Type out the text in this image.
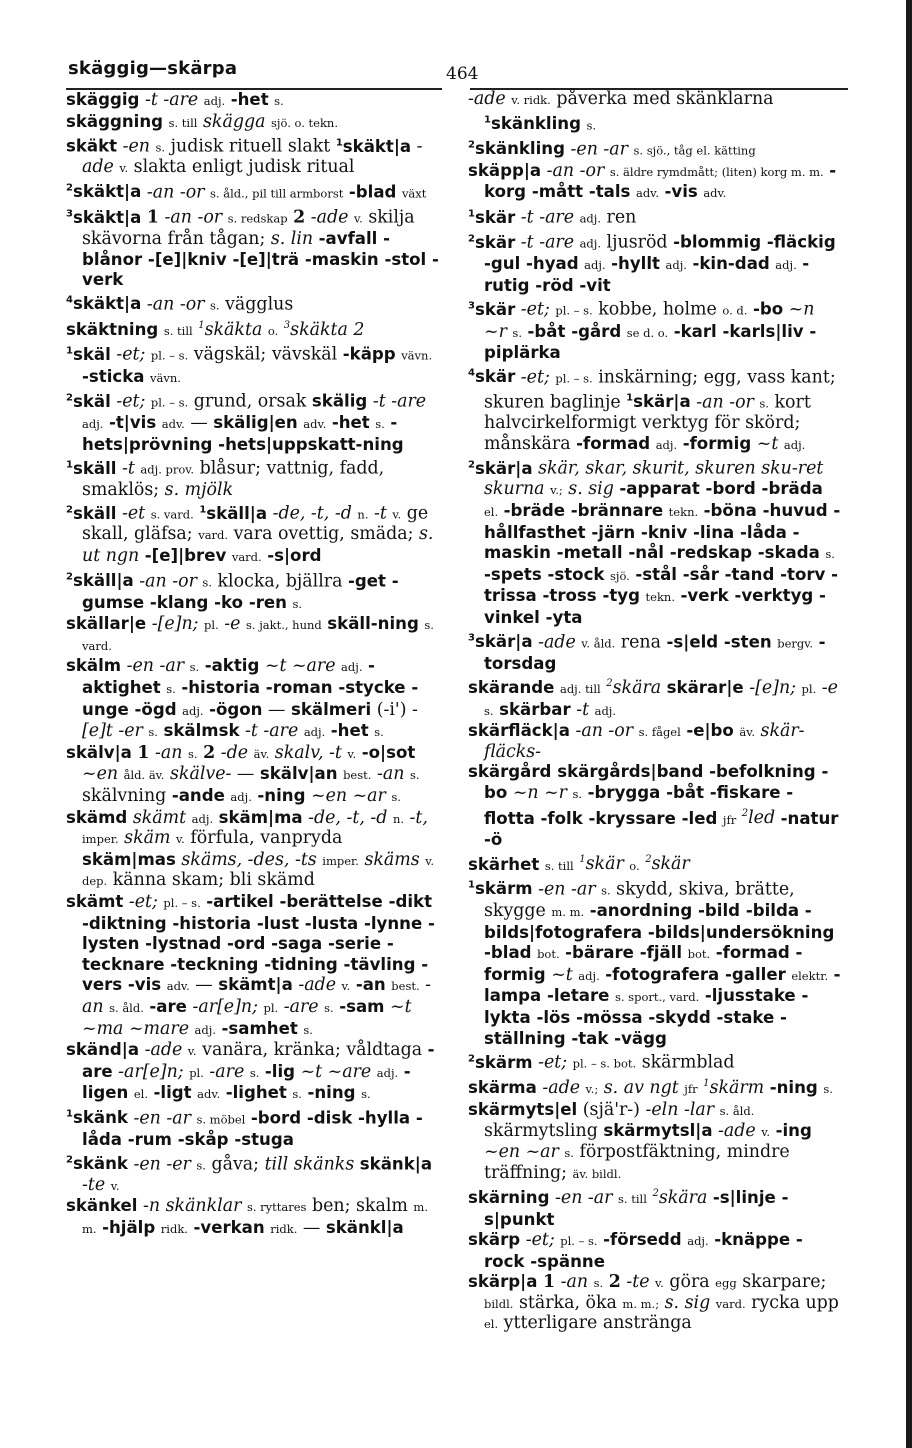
skäggig—skärpa	464

skäggig -t -are adj. -het s.

skäggning s. till skägga sjö. o. tekn.

skäkt -en s. judisk rituell slakt $^1$skäkt|a -ade v. slakta enligt judisk ritual

$^2$skäkt|a -an -or s. åld., pil till armborst -blad växt

$^3$skäkt|a 1 -an -or s. redskap 2 -ade v. skilja skävorna från tågan; s. lin -avfall -blånor -[e]|kniv -[e]|trä -maskin -stol -verk

$^4$skäkt|a -an -or s. vägglus

skäktning s. till $^1$skäkta o. $^3$skäkta 2

$^1$skäl -et; pl. – s. vägskäl; vävskäl -käpp vävn. -sticka vävn.

$^2$skäl -et; pl. – s. grund, orsak skälig -t -are adj. -t|vis adv. — skälig|en adv. -het s. -hets|prövning -hets|uppskatt-ning

$^1$skäll -t adj. prov. blåsur; vattnig, fadd, smaklös; s. mjölk

$^2$skäll -et s. vard. $^1$skäll|a -de, -t, -d n. -t v. ge skall, gläfsa; vard. vara ovettig, smäda; s. ut ngn -[e]|brev vard. -s|ord

$^2$skäll|a -an -or s. klocka, bjällra -get -gumse -klang -ko -ren s.

skällar|e -[e]n; pl. -e s. jakt., hund skäll-ning s. vard.

skälm -en -ar s. -aktig ~t ~are adj. -aktighet s. -historia -roman -stycke -unge -ögd adj. -ögon — skälmeri (-i') -[e]t -er s. skälmsk -t -are adj. -het s.

skälv|a 1 -an s. 2 -de äv. skalv, -t v. -o|sot ~en åld. äv. skälve- — skälv|an best. -an s. skälvning -ande adj. -ning ~en ~ar s.

skämd skämt adj. skäm|ma -de, -t, -d n. -t, imper. skäm v. förfula, vanpryda skäm|mas skäms, -des, -ts imper. skäms v. dep. känna skam; bli skämd

skämt -et; pl. – s. -artikel -berättelse -dikt -diktning -historia -lust -lusta -lynne -lysten -lystnad -ord -saga -serie -tecknare -teckning -tidning -tävling -vers -vis adv. — skämt|a -ade v. -an best. -an s. åld. -are -ar[e]n; pl. -are s. -sam ~t ~ma ~mare adj. -samhet s.

skänd|a -ade v. vanära, kränka; våldtaga -are -ar[e]n; pl. -are s. -lig ~t ~are adj. -ligen el. -ligt adv. -lighet s. -ning s.

$^1$skänk -en -ar s. möbel -bord -disk -hylla -låda -rum -skåp -stuga

$^2$skänk -en -er s. gåva; till skänks skänk|a -te v.

skänkel -n skänklar s. ryttares ben; skalm m. m. -hjälp ridk. -verkan ridk. — skänkl|a

-ade v. ridk. påverka med skänklarna $^1$skänkling s.

$^2$skänkling -en -ar s. sjö., tåg el. kätting

skäpp|a -an -or s. äldre rymdmått; (liten) korg m. m. -korg -mått -tals adv. -vis adv.

$^1$skär -t -are adj. ren

$^2$skär -t -are adj. ljusröd -blommig -fläckig -gul -hyad adj. -hyllt adj. -kin-dad adj. -rutig -röd -vit

$^3$skär -et; pl. – s. kobbe, holme o. d. -bo ~n ~r s. -båt -gård se d. o. -karl -karls|liv -piplärka

$^4$skär -et; pl. – s. inskärning; egg, vass kant; skuren baglinje $^1$skär|a -an -or s. kort halvcirkelformigt verktyg för skörd; månskära -formad adj. -formig ~t adj.

$^2$skär|a skär, skar, skurit, skuren sku-ret skurna v.; s. sig -apparat -bord -bräda el. -bräde -brännare tekn. -böna -huvud -hållfasthet -järn -kniv -lina -låda -maskin -metall -nål -redskap -skada s. -spets -stock sjö. -stål -sår -tand -torv -trissa -tross -tyg tekn. -verk -verktyg -vinkel -yta

$^3$skär|a -ade v. åld. rena -s|eld -sten bergv. -torsdag

skärande adj. till $^2$skära skärar|e -[e]n; pl. -e s. skärbar -t adj.

skärfläck|a -an -or s. fågel -e|bo äv. skär-fläcks-

skärgård skärgårds|band -befolkning -bo ~n ~r s. -brygga -båt -fiskare -flotta -folk -kryssare -led jfr $^2$led -natur -ö

skärhet s. till $^1$skär o. $^2$skär

$^1$skärm -en -ar s. skydd, skiva, brätte, skygge m. m. -anordning -bild -bilda -bilds|fotografera -bilds|undersökning -blad bot. -bärare -fjäll bot. -formad -formig ~t adj. -fotografera -galler elektr. -lampa -letare s. sport., vard. -ljusstake -lykta -lös -mössa -skydd -stake -ställning -tak -vägg

$^2$skärm -et; pl. – s. bot. skärmblad

skärma -ade v.; s. av ngt jfr $^1$skärm -ning s.

skärmyts|el (sjä'r-) -eln -lar s. åld. skärmytsling skärmytsl|a -ade v. -ing ~en ~ar s. förpostfäktning, mindre träffning; äv. bildl.

skärning -en -ar s. till $^2$skära -s|linje -s|punkt

skärp -et; pl. – s. -försedd adj. -knäppe -rock -spänne

skärp|a 1 -an s. 2 -te v. göra egg skarpare; bildl. stärka, öka m. m.; s. sig vard. rycka upp el. ytterligare anstränga
